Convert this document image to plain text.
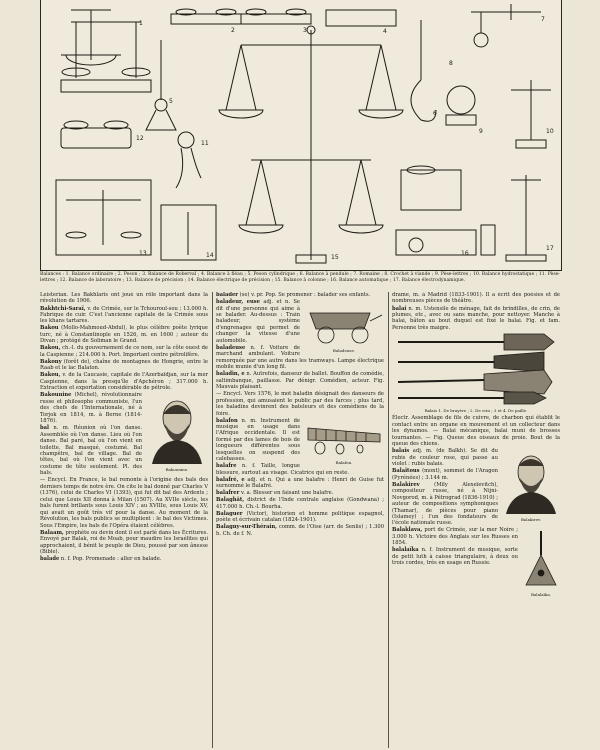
1
2	3	4
5
6
7
8
9	10
11
12
13	14	15
16
17
Balances : 1. Balance ordinaire ; 2. Peson ; 3. Balance de Roberval ; 4. Balance à fléau ; 5. Peson cylindrique ; 6. Balance à pendule ; 7. Romaine ; 8. Crochet à viande ; 9. Pèse-lettres ; 10. Balance hydrostatique ; 11. Pèse-lettres ; 12. Balance de laboratoire ; 13. Balance de précision ; 14. Balance électrique de précision ; 15. Balance à colonne ; 16. Balance automatique ; 17. Balance électrodynamique.
Leisterian. Les Bakhlaris ont joué un rôle important dans la révolution de 1906.
Bakhtchi-Saraï, v. de Crimée, sur le Tchouroul-sou ; 13.000 h. Fabrique de cuir. C'est l'ancienne capitale de la Crimée sous les khans tartares.
Bakou (Mollo-Mahmoud-Abdul), le plus célèbre poète lyrique turc, né à Constantinople en 1526, m. en 1600 ; auteur du Divan ; protégé de Soliman le Grand.
Bakou, ch.-l. du gouvernement de ce nom, sur la côte ouest de la Caspienne ; 214.000 h. Port. Important centre pétrolifère.
Bakony (forêt de), chaîne de montagnes de Hongrie, entre le Raab et le lac Balaton.
Bakou, v. de la Caucasie, capitale de l'Azerbaïdjan, sur la mer Caspienne, dans la presqu'île d'Apchéron ; 317.000 h. Extraction et exportation considérable de pétrole.
Bakounine.
Bakounine (Michel), révolutionnaire russe et philosophe communiste, l'un des chefs de l'Internationale, né à Torjok en 1814, m. à Berne (1814-1876).
bal n. m. Réunion où l'on danse. Assemblée où l'on danse. Lieu où l'on danse. Bal paré, bal où l'on vient en toilette. Bal masqué, costumé. Bal champêtre, bal de village. Bal de têtes, bal où l'on vient avec un costume de tête seulement. Pl. des bals.
— Encycl. En France, le bal remonte à l'origine des bals des derniers temps de notre ère. On cite le bal donné par Charles V (1376), celui de Charles VI (1393), qui fut dit bal des Ardents ; celui que Louis XII donna à Milan (1507). Au XVIIe siècle, les bals furent brillants sous Louis XIV ; au XVIIIe, sous Louis XV, qui avait un goût très vif pour la danse. Au moment de la Révolution, les bals publics se multiplient : le bal des Victimes. Sous l'Empire, les bals de l'Opéra étaient célèbres.
Balaam, prophète ou devin dont il est parlé dans les Écritures. Envoyé par Balak, roi de Moab, pour maudire les Israélites qui approchaient, il bénit le peuple de Dieu, poussé par son ânesse (Bible).
balade n. f. Pop. Promenade : aller en balade.
balader (se) v. pr. Pop. Se promener : balader ses enfants.
Baladeuse.
baladeur, euse adj. et n. Se dit d'une personne qui aime à se balader. Au-dessus : Train baladeur, système d'engrenages qui permet de changer la vitesse d'une automobile.
baladeuse n. f. Voiture de marchand ambulant. Voiture remorquée par une autre dans les tramways. Lampe électrique mobile munie d'un long fil.
baladin, e n. Autrefois, danseur de ballet. Bouffon de comédie, saltimbanque, paillasse. Par dénigr. Comédien, acteur. Fig. Mauvais plaisant.
— Encycl. Vers 1576, le mot baladin désignait des danseurs de profession, qui amusaient le public par des farces ; plus tard, les baladins devinrent des bateleurs et des comédiens de la foire.
Balafon.
balafon n. m. Instrument de musique en usage dans l'Afrique occidentale. Il est formé par des lames de bois de longueurs différentes sous lesquelles on suspend des calebasses.
balafre n. f. Taille, longue blessure, surtout au visage. Cicatrice qui en reste.
balafré, e adj. et n. Qui a une balafre : Henri de Guise fut surnommé le Balafré.
balafrer v. a. Blesser en faisant une balafre.
Balaghât, district de l'Inde centrale anglaise (Gondwana) ; 417.000 h. Ch.-l. Bourha.
Balaguer (Victor), historien et homme politique espagnol, poète et écrivain catalan (1824-1901).
Balagny-sur-Thérain, comm. de l'Oise (arr. de Senlis) ; 1.300 h. Ch. de f. N.
drame, m. à Madrid (1833-1901). Il a écrit des poésies et de nombreuses pièces de théâtre.
balai n. m. Ustensile de ménage, fait de brindilles, de crin, de plumes, etc., avec ou sans manche, pour nettoyer. Manche à balai, bâton au bout duquel est fixé le balai. Fig. et fam. Personne très maigre.
Balais 1. De bruyère ; 2. De crin ; 3 et 4. De paille.
Électr. Assemblage de fils de cuivre, de charbon qui établit le contact entre un organe en mouvement et un collecteur dans les dynamos. — Balai mécanique, balai muni de brosses tournantes. — Fig. Queue des oiseaux de proie. Bout de la queue des chiens.
Balakirev.
balais adj. m. (de Balkh). Se dit du rubis de couleur rose, qui passe au violet : rubis balais.
Balaïtous (mont), sommet de l'Aragon (Pyrénées) ; 3.144 m.
Balakirev	(Mily Alexeïevitch), compositeur russe, né à Nijni-Novgorod, m. à Pétrograd (1836-1910) ; auteur de compositions symphoniques (Thamar), de pièces pour piano (Islamey) ; l'un des fondateurs de l'école nationale russe.
Balalaïka.
Balaklava, port de Crimée, sur la mer Noire ; 3.000 h. Victoire des Anglais sur les Russes en 1854.
balalaïka n. f. Instrument de musique, sorte de petit luth à caisse triangulaire, à deux ou trois cordes, très en usage en Russie.
